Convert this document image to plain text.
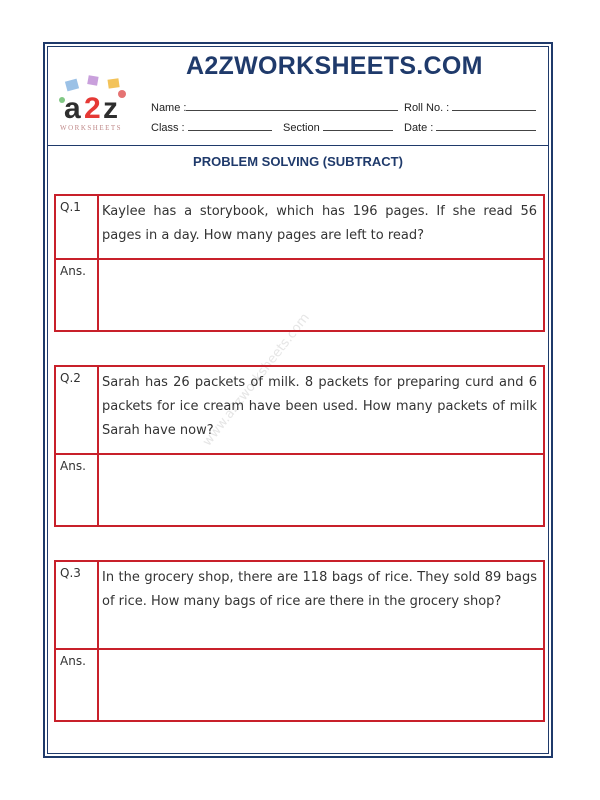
A2ZWORKSHEETS.COM
a 2 z
WORKSHEETS
Name :	Roll No. :
Class :	Section	Date :
PROBLEM SOLVING (SUBTRACT)
www.a2zworksheets.com
Q.1 Kaylee has a storybook, which has 196 pages. If she read 56 pages in a day. How many pages are left to read?
Ans.
Q.2 Sarah has 26 packets of milk. 8 packets for preparing curd and 6 packets for ice cream have been used. How many packets of milk Sarah have now?
Ans.
Q.3 In the grocery shop, there are 118 bags of rice. They sold 89 bags of rice. How many bags of rice are there in the grocery shop?
Ans.
